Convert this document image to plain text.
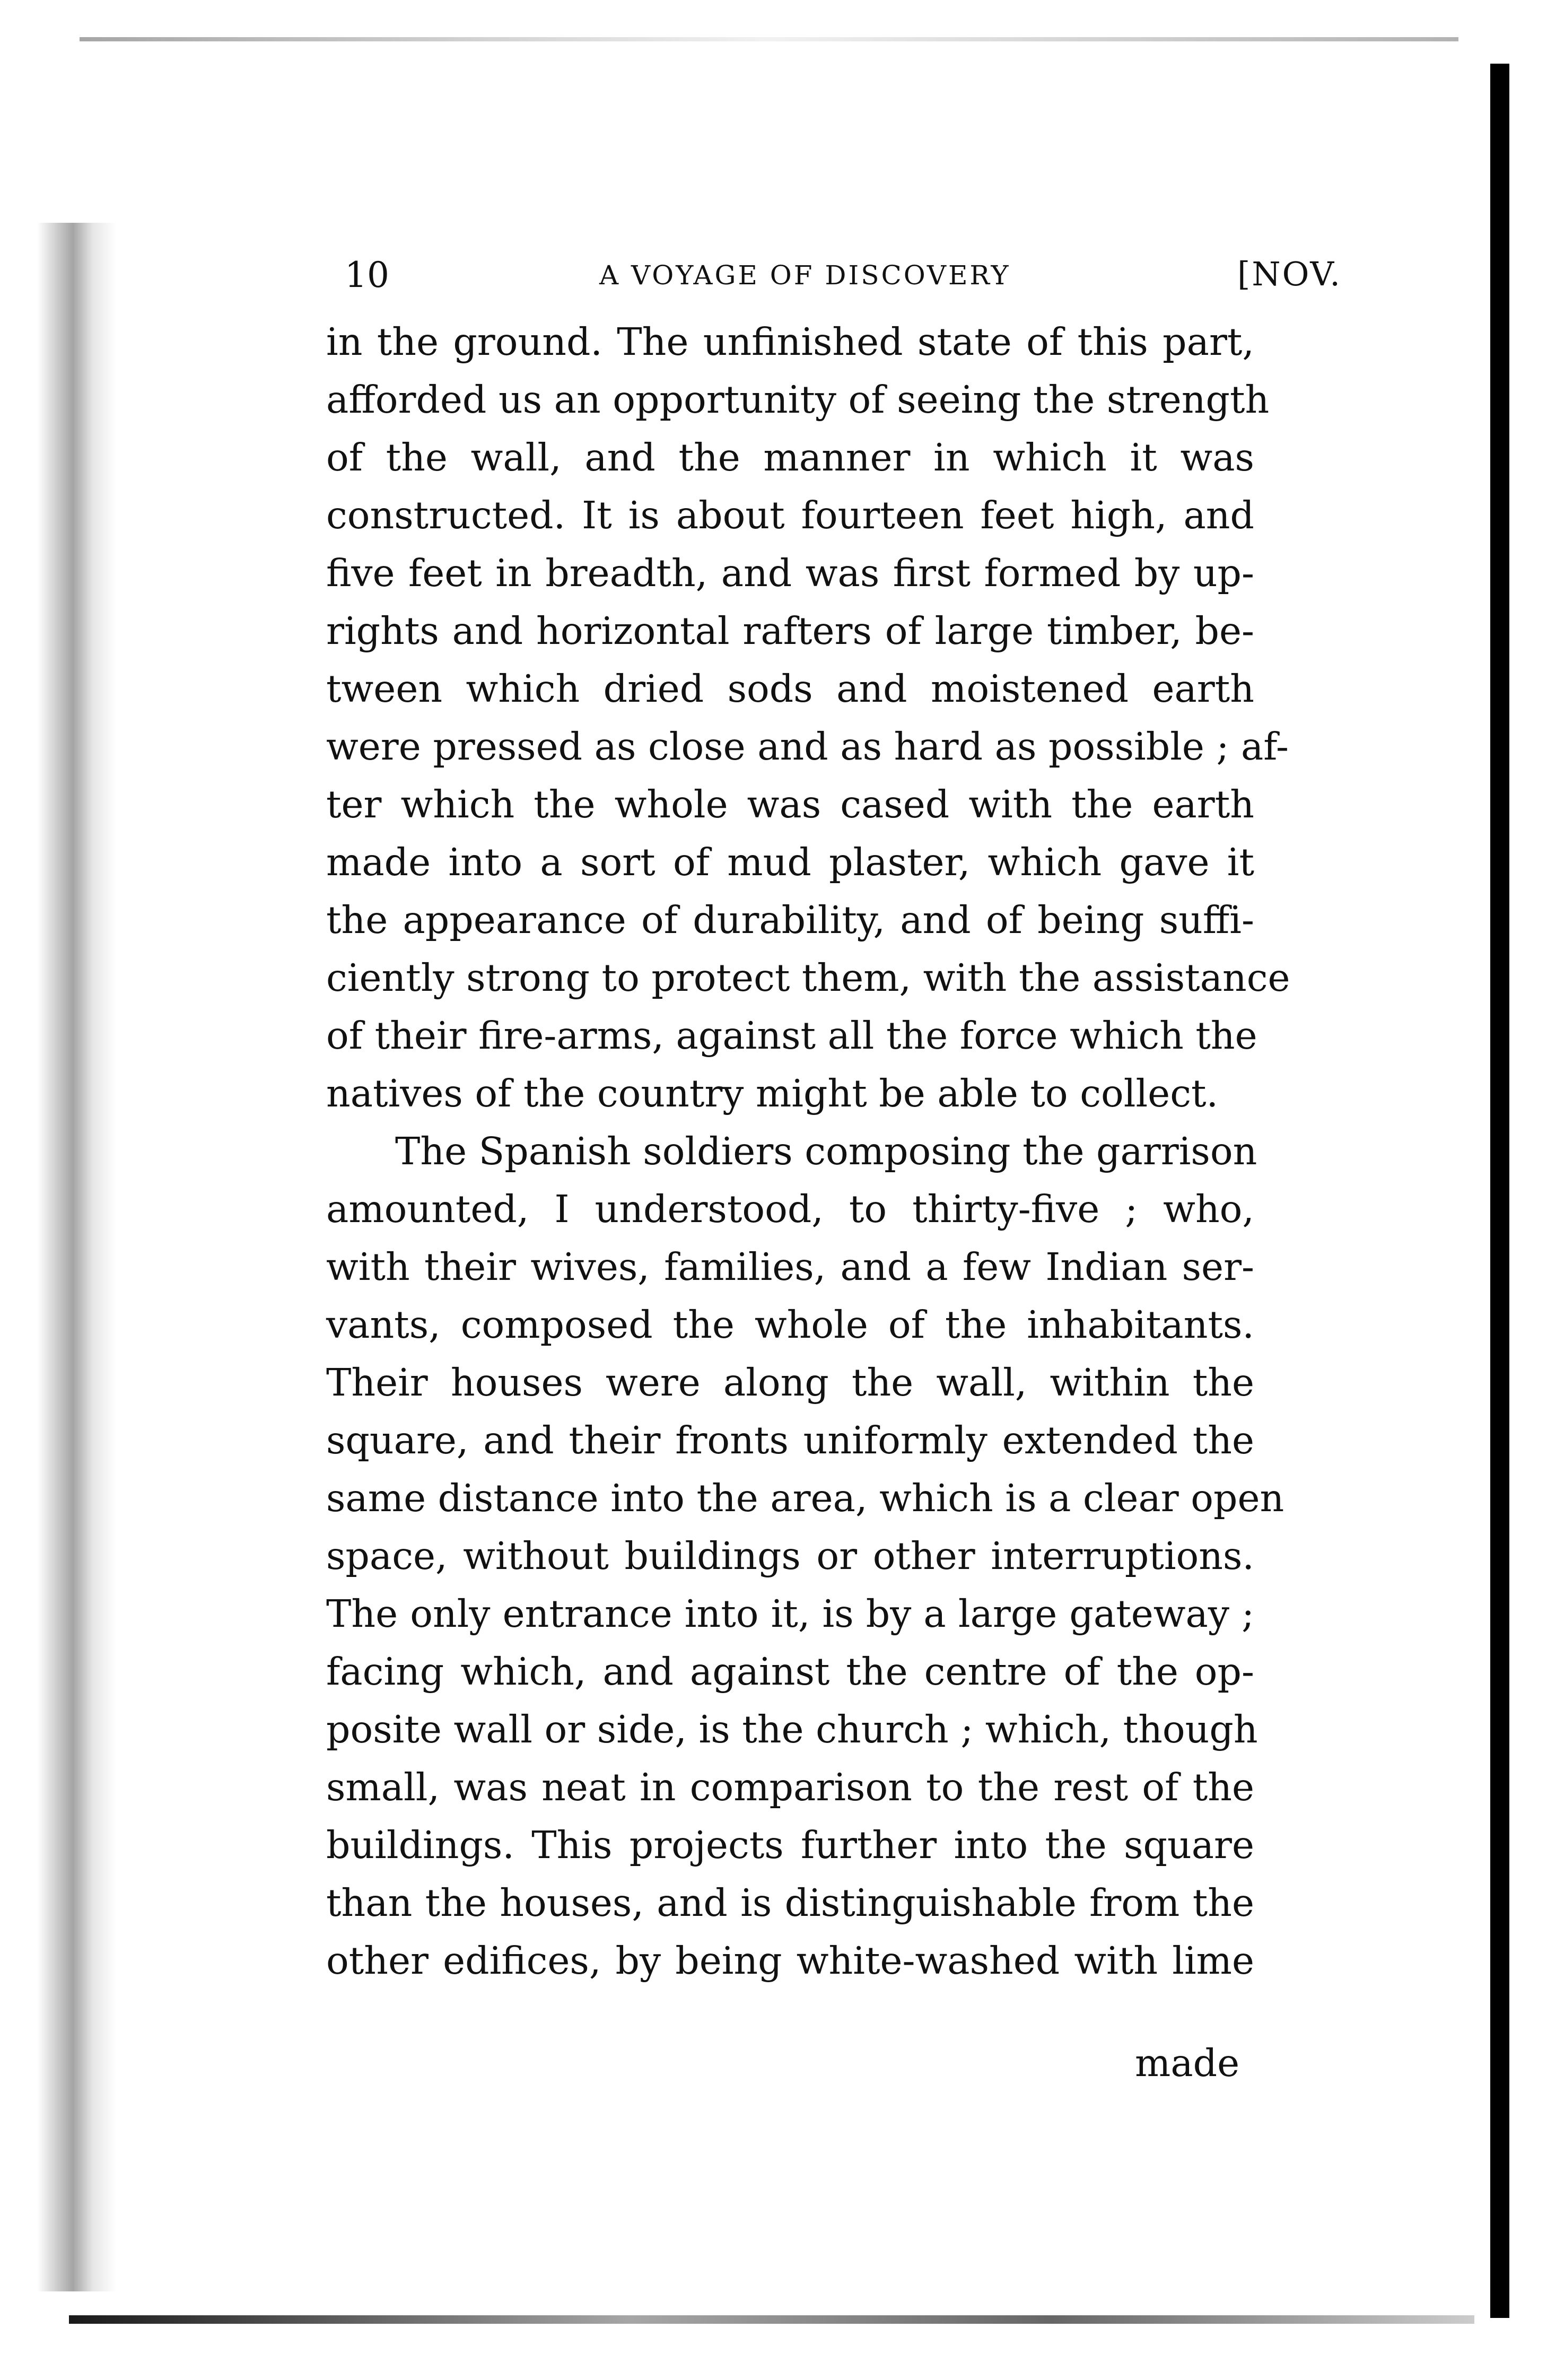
10	A VOYAGE OF DISCOVERY	[NOV.
in the ground. The unfinished state of this part,
afforded us an opportunity of seeing the strength
of the wall, and the manner in which it was
constructed. It is about fourteen feet high, and
five feet in breadth, and was first formed by up-
rights and horizontal rafters of large timber, be-
tween which dried sods and moistened earth
were pressed as close and as hard as possible ; af-
ter which the whole was cased with the earth
made into a sort of mud plaster, which gave it
the appearance of durability, and of being suffi-
ciently strong to protect them, with the assistance
of their fire-arms, against all the force which the
natives of the country might be able to collect.
The Spanish soldiers composing the garrison
amounted, I understood, to thirty-five ; who,
with their wives, families, and a few Indian ser-
vants, composed the whole of the inhabitants.
Their houses were along the wall, within the
square, and their fronts uniformly extended the
same distance into the area, which is a clear open
space, without buildings or other interruptions.
The only entrance into it, is by a large gateway ;
facing which, and against the centre of the op-
posite wall or side, is the church ; which, though
small, was neat in comparison to the rest of the
buildings. This projects further into the square
than the houses, and is distinguishable from the
other edifices, by being white-washed with lime
made
